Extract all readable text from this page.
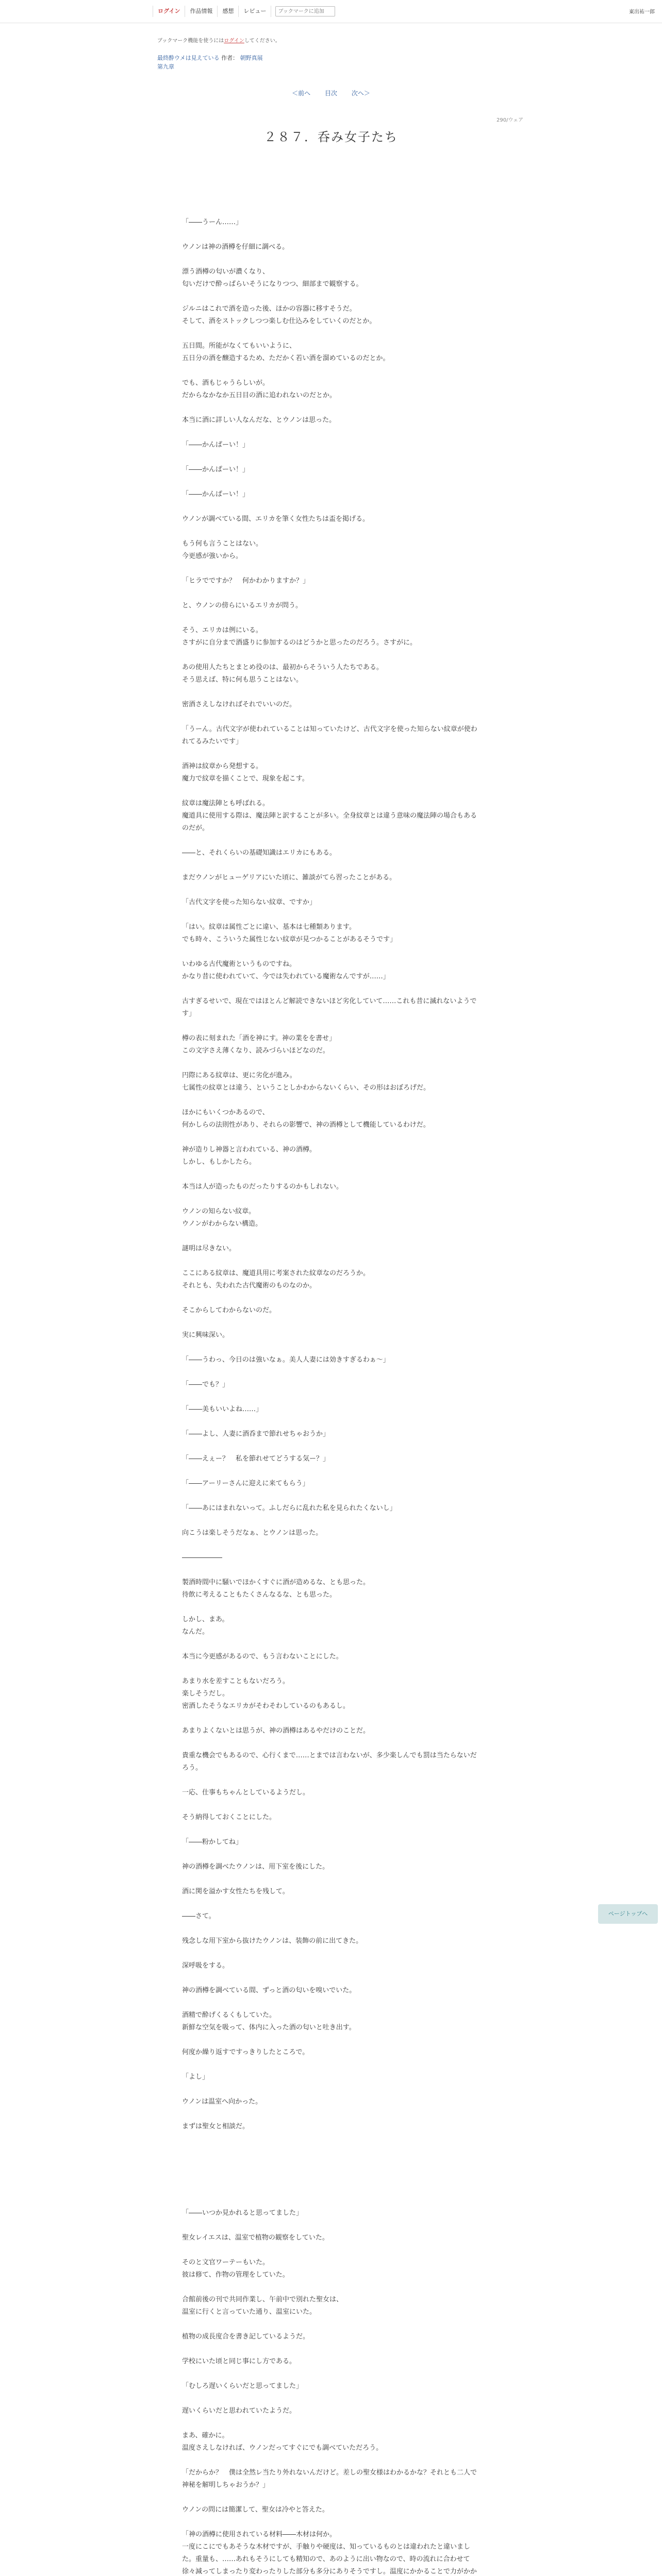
ログイン	作品情報	感想	レビュー
ブックマークに追加	東出祐一郎
ブックマーク機能を使うにはログインしてください。
最終酔ウメは見えている 作者： 朝野真展
第九章
＜前へ 目次 次へ＞
290/ウェア
２８７．呑み女子たち

「――うーん……」

ウノンは神の酒樽を仔細に調べる。

漂う酒樽の匂いが濃くなり、

匂いだけで酔っぱらいそうになりつつ、細部まで観察する。

ジルニはこれで酒を造った後、ほかの容器に移すそうだ。

そして、酒をストックしつつ楽しむ仕込みをしていくのだとか。

五日間。所能がなくてもいいように、

五日分の酒を醸造するため、ただかく若い酒を溜めているのだとか。

でも、酒もじゃうらしいが。

だからなかなか五日目の酒に追われないのだとか。

本当に酒に詳しい人なんだな、とウノンは思った。

「――かんぱーい！」

「――かんぱーい！」

「――かんぱーい！」

ウノンが調べている間、エリカを筆く女性たちは盃を掲げる。

もう何も言うことはない。

今更感が強いから。

「ヒラでですか？　何かわかりますか？」

と、ウノンの傍らにいるエリカが問う。

そう、エリカは例にいる。

さすがに自分まで酒盛りに参加するのはどうかと思ったのだろう。さすがに。

あの使用人たちとまとめ役のは、最初からそういう人たちである。

そう思えば、特に何も思うことはない。

密酒さえしなければそれでいいのだ。

「うーん。古代文字が使われていることは知っていたけど、古代文字を使った知らない紋章が使われてるみたいです」

酒神は紋章から発想する。

魔力で紋章を描くことで、現象を起こす。

紋章は魔法陣とも呼ばれる。

魔道具に使用する際は、魔法陣と訳することが多い。全身紋章とは違う意味の魔法陣の場合もあるのだが。

――と、それくらいの基礎知識はエリカにもある。

まだウノンがヒューゲリアにいた頃に、雑談がてら習ったことがある。

「古代文字を使った知らない紋章、ですか」

「はい。紋章は属性ごとに違い、基本は七種類あります。

でも時々、こういうた属性じない紋章が見つかることがあるそうです」

いわゆる古代魔術というものですね。

かなり昔に使われていて、今では失われている魔術なんですが……」

古すぎるせいで、現在ではほとんど解読できないほど劣化していて……これも昔に滅れないようです」

樽の表に刻まれた「酒を神にす。神の業をを書せ」

この文字さえ薄くなり、読みづらいほどなのだ。

円際にある紋章は、更に劣化が進み。

七属性の紋章とは違う、ということしかわからないくらい、その形はおぼろげだ。

ほかにもいくつかあるので、

何かしらの法則性があり、それらの影響で、神の酒樽として機能しているわけだ。

神が造りし神器と言われている、神の酒樽。

しかし、もしかしたら。

本当は人が造ったものだったりするのかもしれない。

ウノンの知らない紋章。

ウノンがわからない構造。

謎明は尽きない。

ここにある紋章は、魔道具用に考案された紋章なのだろうか。

それとも、失われた古代魔術のものなのか。

そこからしてわからないのだ。

実に興味深い。

「――うわっ、今日のは強いなぁ。美人人妻には効きすぎるわぁ～」

「――でも？」

「――美もいいよね……」

「――よし、人妻に酒呑まで節れせちゃおうか」

「――えぇー？　私を節れせてどうする気ー？」

「――アーリーさんに迎えに来てもらう」

「――あにはまれないって。ふしだらに乱れた私を見られたくないし」

向こうは楽しそうだなぁ、とウノンは思った。

――――――

製酒時間中に騒いでほかくすぐに酒が造めるな、とも思った。

待飲に考えることもたくさんなるな、とも思った。

しかし、まあ。

なんだ。

本当に今更感があるので、もう言わないことにした。

あまり水を差すこともないだろう。

楽しそうだし。

密酒したそうなエリカがそわそわしているのもあるし。

あまりよくないとは思うが、神の酒樽はあるやだけのことだ。

貴重な機会でもあるので、心行くまで……とまでは言わないが、多少楽しんでも罰は当たらないだろう。

一応、仕事もちゃんとしているようだし。

そう納得しておくことにした。

「――粉かしてね」

神の酒樽を調べたウノンは、用下室を後にした。

酒に関を溢かす女性たちを残して。

――さて。

残念しな用下室から抜けたウノンは、装飾の前に出てきた。

深呼吸をする。

神の酒樽を調べている間、ずっと酒の匂いを嗅いでいた。

酒精で酔げくるくもしていた。

新鮮な空気を吸って、体内に入った酒の匂いと吐き出す。

何度か繰り返すですっきりしたところで。

「よし」

ウノンは温室へ向かった。

まずは聖女と相談だ。

「――いつか見かれると思ってました」

聖女レイエスは、温室で植物の観察をしていた。

そのと文官ワーテーもいた。

彼は修て、作物の管理をしていた。

合館前後の刊で共同作業し、午前中で別れた聖女は、

温室に行くと言っていた通り、温室にいた。

植物の成長度合を書き記しているようだ。

学校にいた頃と同じ事にし方である。

「むしろ遅いくらいだと思ってました」

遅いくらいだと思われていたようだ。

まあ、確かに。

温度さえしなければ、ウノンだってすぐにでも調べていただろう。

「だからか？　僕は全然レ当たり外れないんだけど。差しの聖女様はわかるかな？それとも二人で神秘を解明しちゃおうか？」

ウノンの問には簡潔して、聖女は冷やと答えた。

「神の酒樽に使用されている材料――木材は何か。

一度にこにでもあそうな木材ですが、手触りや硬度は、知っているものとは違われたと違いました。重量も、……あれもそうにしても精知ので、あのように出い物なので、時の流れに合わせて徐々減ってしまったり変わったりした部分も多分にありそうですし。温度にかかることで力がかか

ページトップへ
